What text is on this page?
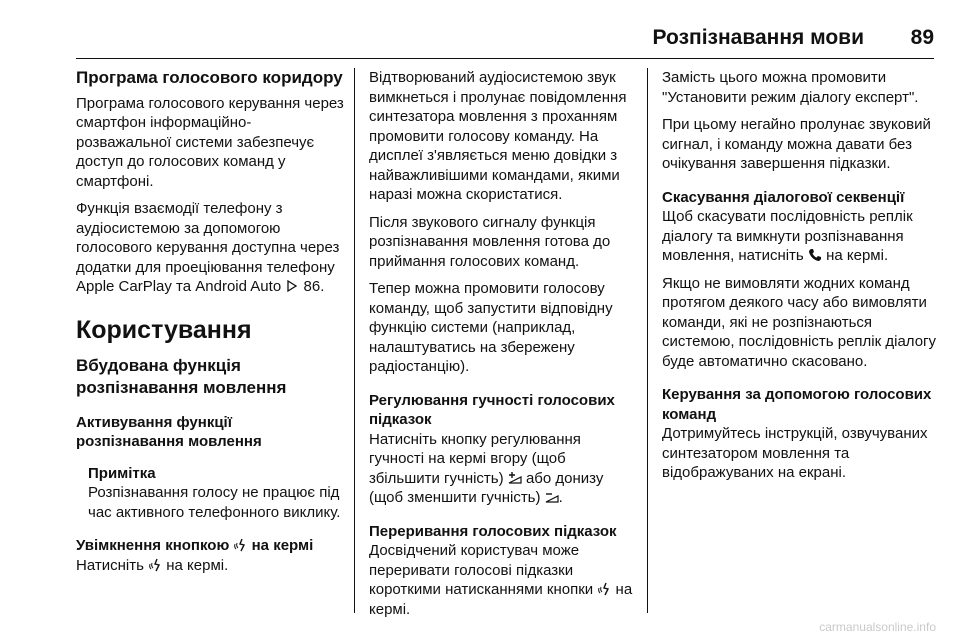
Розпізнавання мови 89
Програма голосового коридору

Програма голосового керування через смартфон інформаційно-розважальної системи забезпечує доступ до голосових команд у смартфоні.

Функція взаємодії телефону з аудіосистемою за допомогою голосового керування доступна через додатки для проеціювання телефону Apple CarPlay та Android Auto 86.

Користування
Вбудована функція розпізнавання мовлення
Активування функції розпізнавання мовлення
Примітка
Розпізнавання голосу не працює під час активного телефонного виклику.
Увімкнення кнопкою на кермі

Натисніть на кермі.

Відтворюваний аудіосистемою звук вимкнеться і пролунає повідомлення синтезатора мовлення з проханням промовити голосову команду. На дисплеї з'являється меню довідки з найважливішими командами, якими наразі можна скористатися.

Після звукового сигналу функція розпізнавання мовлення готова до приймання голосових команд.

Тепер можна промовити голосову команду, щоб запустити відповідну функцію системи (наприклад, налаштуватись на збережену радіостанцію).

Регулювання гучності голосових підказок

Натисніть кнопку регулювання гучності на кермі вгору (щоб збільшити гучність) або донизу (щоб зменшити гучність) .

Переривання голосових підказок

Досвідчений користувач може переривати голосові підказки короткими натисканнями кнопки на кермі.

Замість цього можна промовити "Установити режим діалогу експерт".

При цьому негайно пролунає звуковий сигнал, і команду можна давати без очікування завершення підказки.

Скасування діалогової секвенції

Щоб скасувати послідовність реплік діалогу та вимкнути розпізнавання мовлення, натисніть на кермі.

Якщо не вимовляти жодних команд протягом деякого часу або вимовляти команди, які не розпізнаються системою, послідовність реплік діалогу буде автоматично скасовано.

Керування за допомогою голосових команд

Дотримуйтесь інструкцій, озвучуваних синтезатором мовлення та відображуваних на екрані.

carmanualsonline.info
